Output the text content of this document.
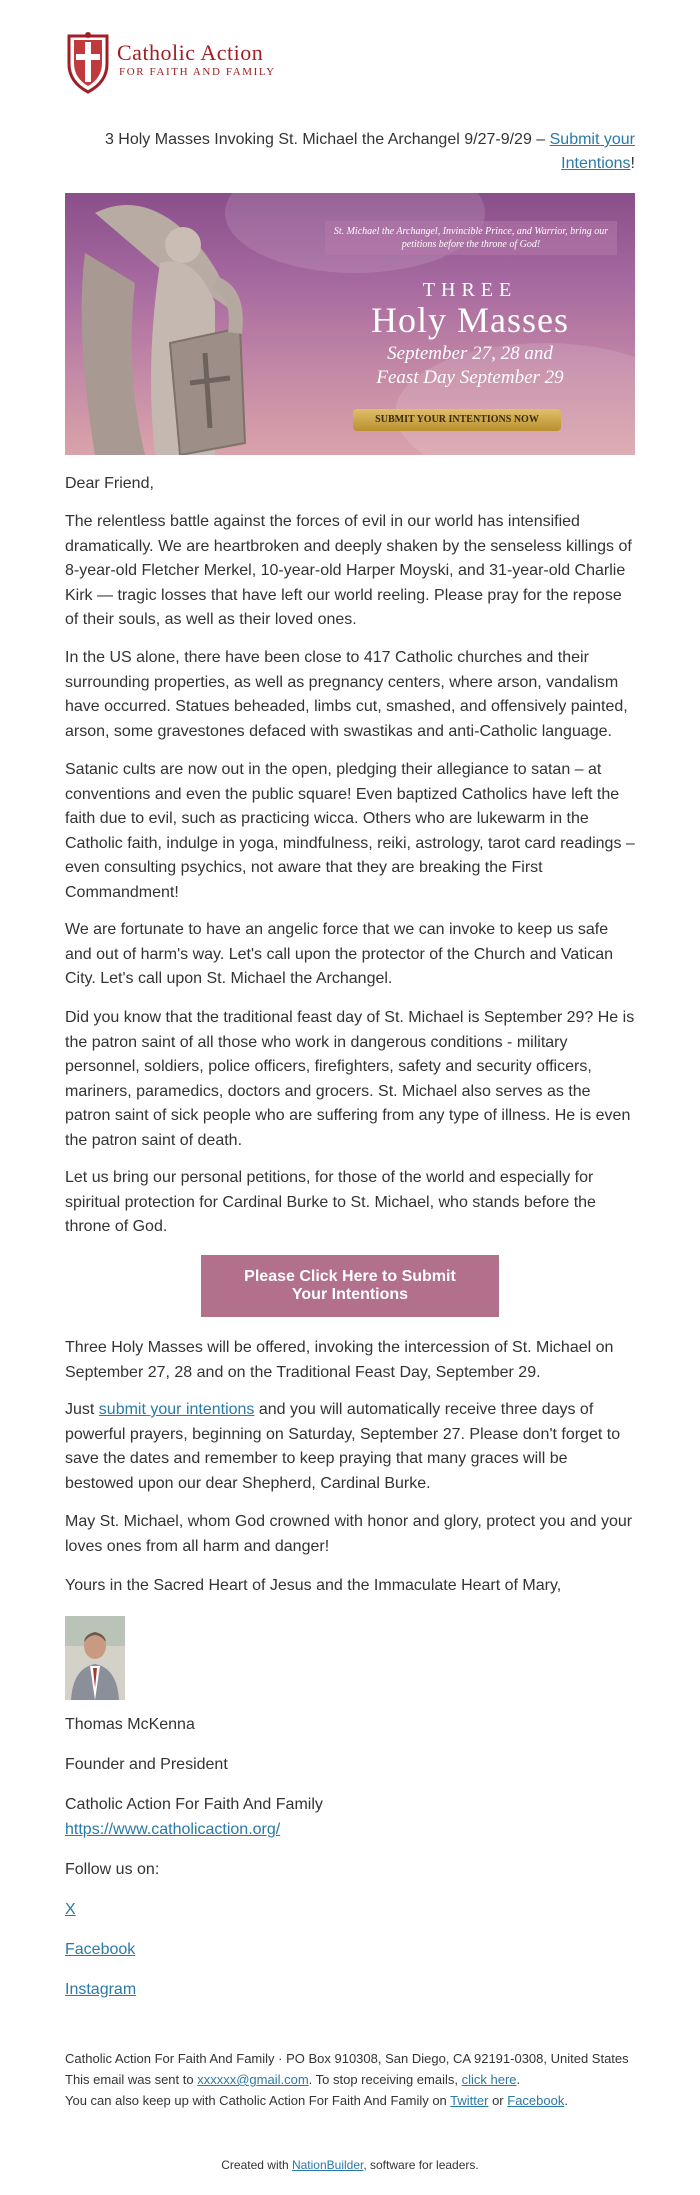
Catholic Action
FOR FAITH AND FAMILY
3 Holy Masses Invoking St. Michael the Archangel 9/27-9/29 – Submit your Intentions!
St. Michael the Archangel, Invincible Prince, and Warrior, bring our petitions before the throne of God!
THREE
Holy Masses
September 27, 28 and
Feast Day September 29
SUBMIT YOUR INTENTIONS NOW

Dear Friend,

The relentless battle against the forces of evil in our world has intensified dramatically. We are heartbroken and deeply shaken by the senseless killings of 8-year-old Fletcher Merkel, 10-year-old Harper Moyski, and 31-year-old Charlie Kirk — tragic losses that have left our world reeling. Please pray for the repose of their souls, as well as their loved ones.

In the US alone, there have been close to 417 Catholic churches and their surrounding properties, as well as pregnancy centers, where arson, vandalism have occurred. Statues beheaded, limbs cut, smashed, and offensively painted, arson, some gravestones defaced with swastikas and anti-Catholic language.

Satanic cults are now out in the open, pledging their allegiance to satan – at conventions and even the public square! Even baptized Catholics have left the faith due to evil, such as practicing wicca. Others who are lukewarm in the Catholic faith, indulge in yoga, mindfulness, reiki, astrology, tarot card readings – even consulting psychics, not aware that they are breaking the First Commandment!

We are fortunate to have an angelic force that we can invoke to keep us safe and out of harm's way. Let's call upon the protector of the Church and Vatican City. Let's call upon St. Michael the Archangel.

Did you know that the traditional feast day of St. Michael is September 29? He is the patron saint of all those who work in dangerous conditions - military personnel, soldiers, police officers, firefighters, safety and security officers, mariners, paramedics, doctors and grocers. St. Michael also serves as the patron saint of sick people who are suffering from any type of illness. He is even the patron saint of death.

Let us bring our personal petitions, for those of the world and especially for spiritual protection for Cardinal Burke to St. Michael, who stands before the throne of God.

Please Click Here to Submit
Your Intentions

Three Holy Masses will be offered, invoking the intercession of St. Michael on September 27, 28 and on the Traditional Feast Day, September 29.

Just submit your intentions and you will automatically receive three days of powerful prayers, beginning on Saturday, September 27. Please don't forget to save the dates and remember to keep praying that many graces will be bestowed upon our dear Shepherd, Cardinal Burke.

May St. Michael, whom God crowned with honor and glory, protect you and your loves ones from all harm and danger!

Yours in the Sacred Heart of Jesus and the Immaculate Heart of Mary,

Thomas McKenna

Founder and President

Catholic Action For Faith And Family

https://www.catholicaction.org/

Follow us on:

X

Facebook

Instagram

Catholic Action For Faith And Family · PO Box 910308, San Diego, CA 92191-0308, United States
This email was sent to xxxxxx@gmail.com. To stop receiving emails, click here.
You can also keep up with Catholic Action For Faith And Family on Twitter or Facebook.
Created with NationBuilder, software for leaders.
